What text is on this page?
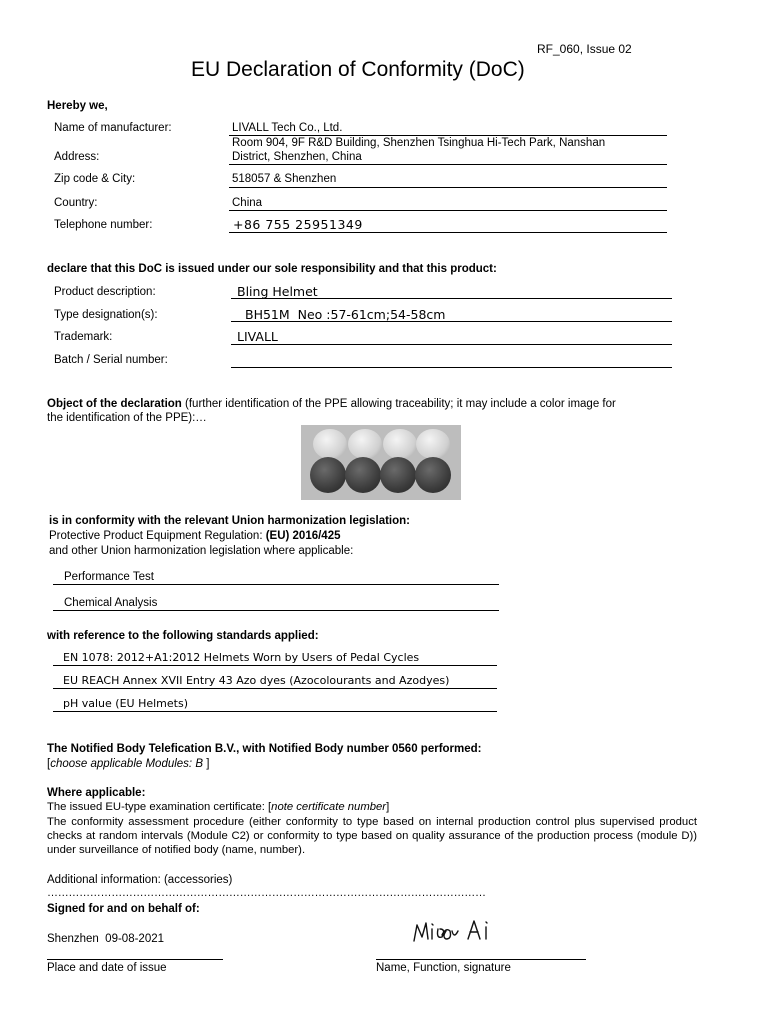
RF_060, Issue 02
EU Declaration of Conformity (DoC)
Hereby we,
Name of manufacturer:	LIVALL Tech Co., Ltd.
Room 904, 9F R&D Building, Shenzhen Tsinghua Hi-Tech Park, Nanshan
Address:	District, Shenzhen, China
Zip code & City:	518057 & Shenzhen
Country:	China
Telephone number:	+86 755 25951349
declare that this DoC is issued under our sole responsibility and that this product:
Product description:	Bling Helmet
Type designation(s):	BH51M  Neo :57-61cm;54-58cm
Trademark:	LIVALL
Batch / Serial number:
Object of the declaration (further identification of the PPE allowing traceability; it may include a color image for
the identification of the PPE):…
is in conformity with the relevant Union harmonization legislation:
Protective Product Equipment Regulation: (EU) 2016/425
and other Union harmonization legislation where applicable:
Performance Test
Chemical Analysis
with reference to the following standards applied:
EN 1078: 2012+A1:2012 Helmets Worn by Users of Pedal Cycles
EU REACH Annex XVII Entry 43 Azo dyes (Azocolourants and Azodyes)
pH value (EU Helmets)
The Notified Body Telefication B.V., with Notified Body number 0560 performed:
[choose applicable Modules: B ]
Where applicable:
The issued EU-type examination certificate: [note certificate number]
The conformity assessment procedure (either conformity to type based on internal production control plus supervised product checks at random intervals (Module C2) or conformity to type based on quality assurance of the production process (module D)) under surveillance of notified body (name, number).
Additional information: (accessories)
……………………………………………………………………………………………………………
Signed for and on behalf of:
Shenzhen  09-08-2021
Place and date of issue	Name, Function, signature
